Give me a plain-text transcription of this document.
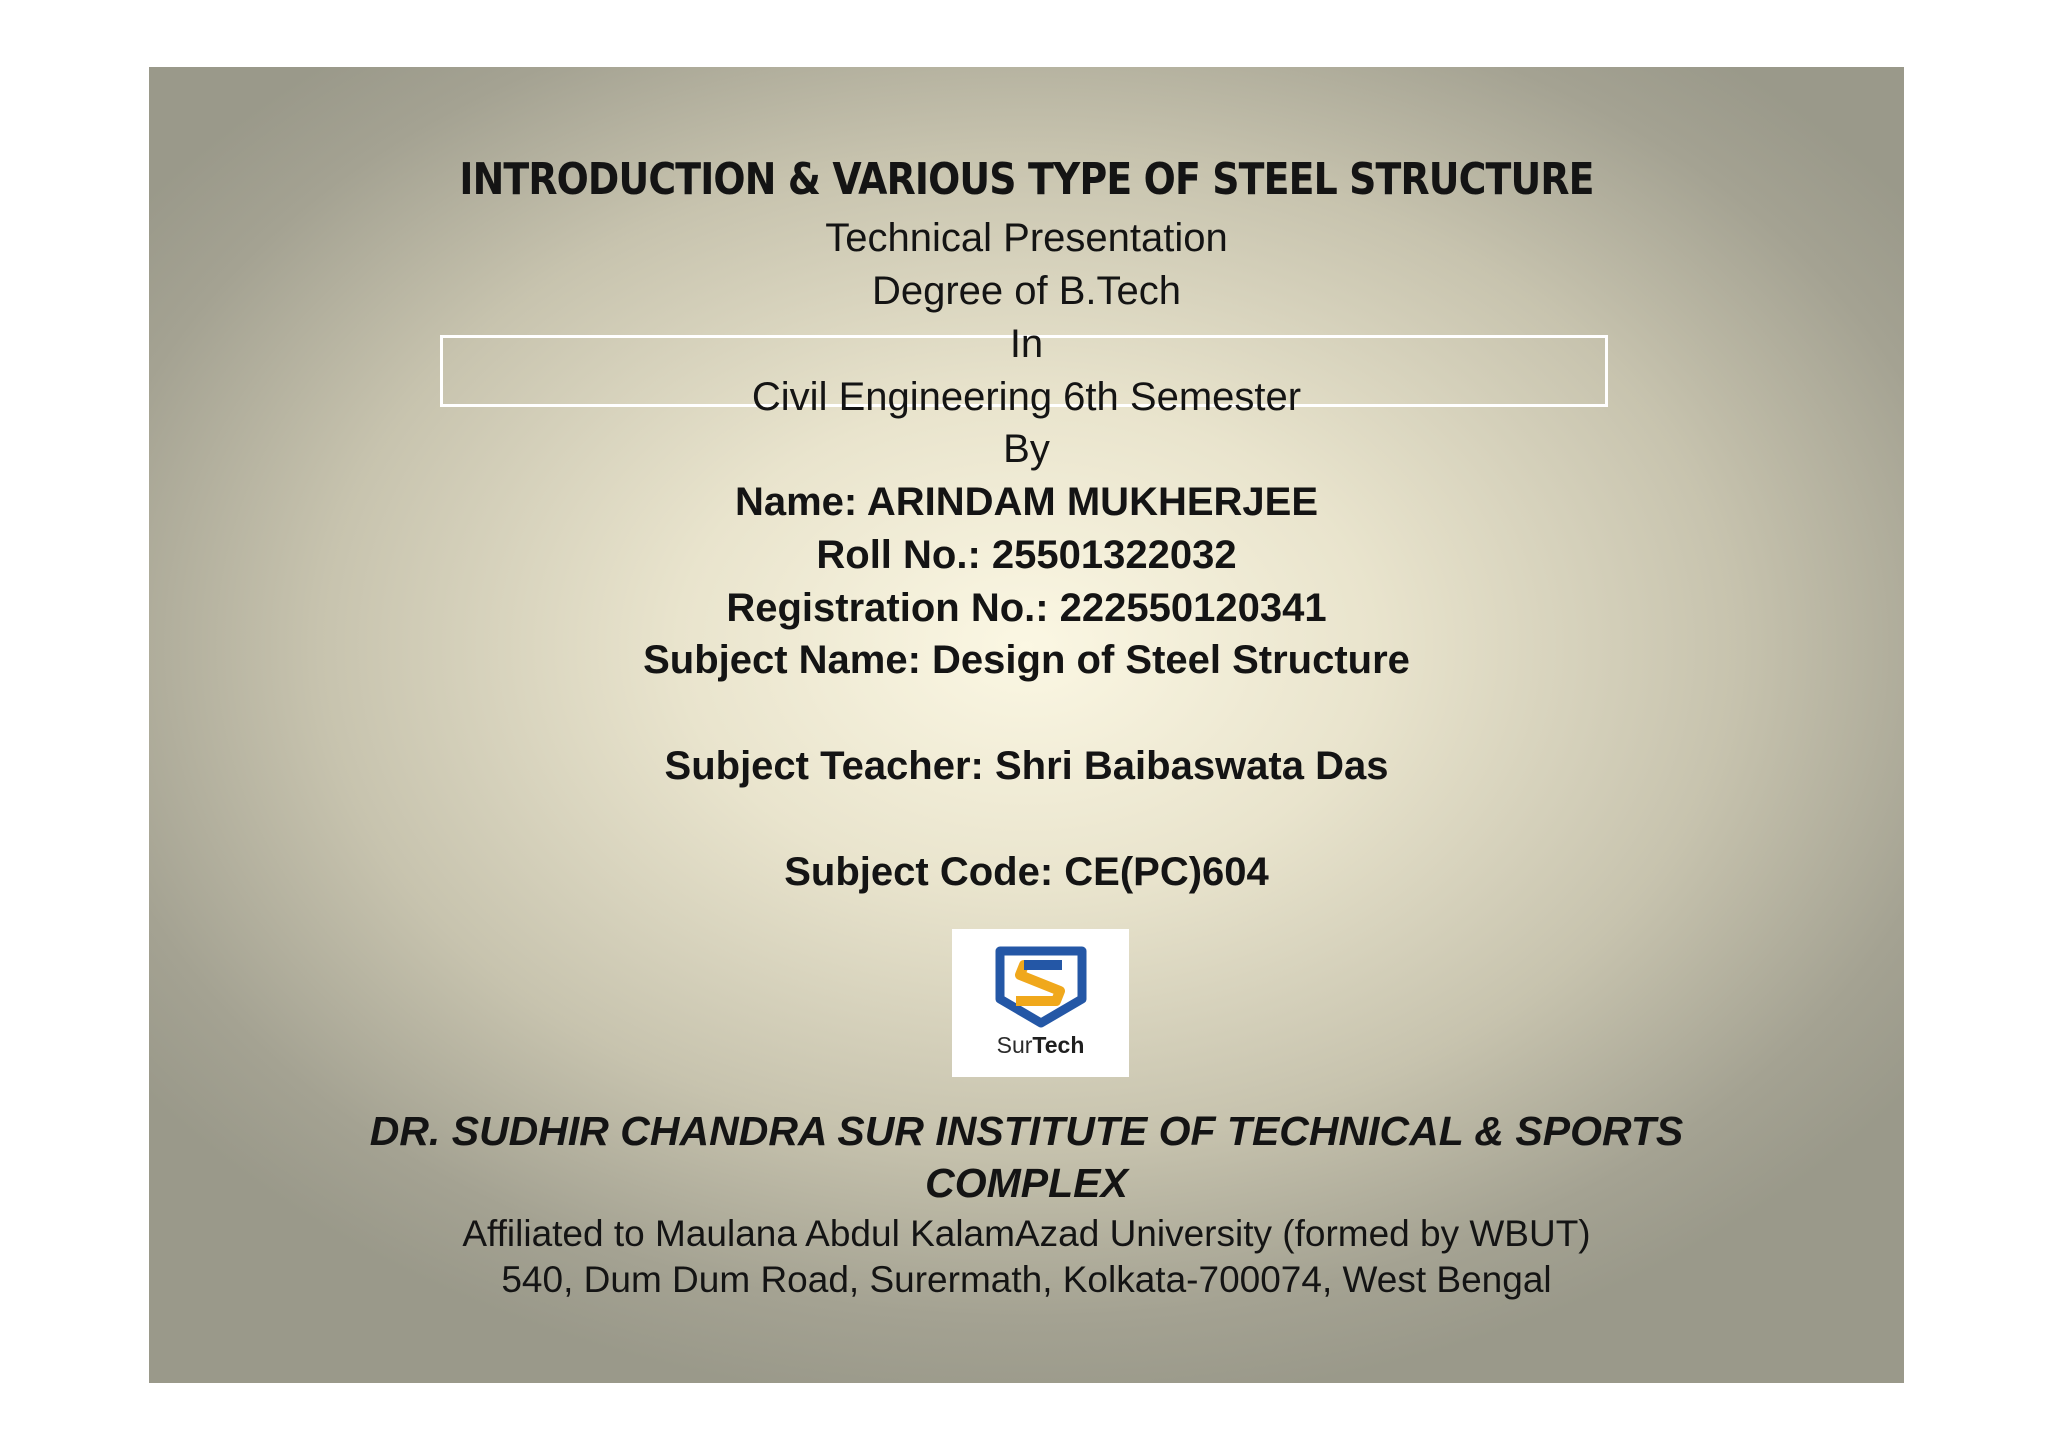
INTRODUCTION & VARIOUS TYPE OF STEEL STRUCTURE
Technical Presentation
Degree of B.Tech
In
Civil Engineering 6th Semester
By
Name: ARINDAM MUKHERJEE
Roll No.: 25501322032
Registration No.: 222550120341
Subject Name: Design of Steel Structure
Subject Teacher: Shri Baibaswata Das
Subject Code: CE(PC)604
SurTech
DR. SUDHIR CHANDRA SUR INSTITUTE OF TECHNICAL & SPORTS
COMPLEX
Affiliated to Maulana Abdul KalamAzad University (formed by WBUT)
540, Dum Dum Road, Surermath, Kolkata-700074, West Bengal
